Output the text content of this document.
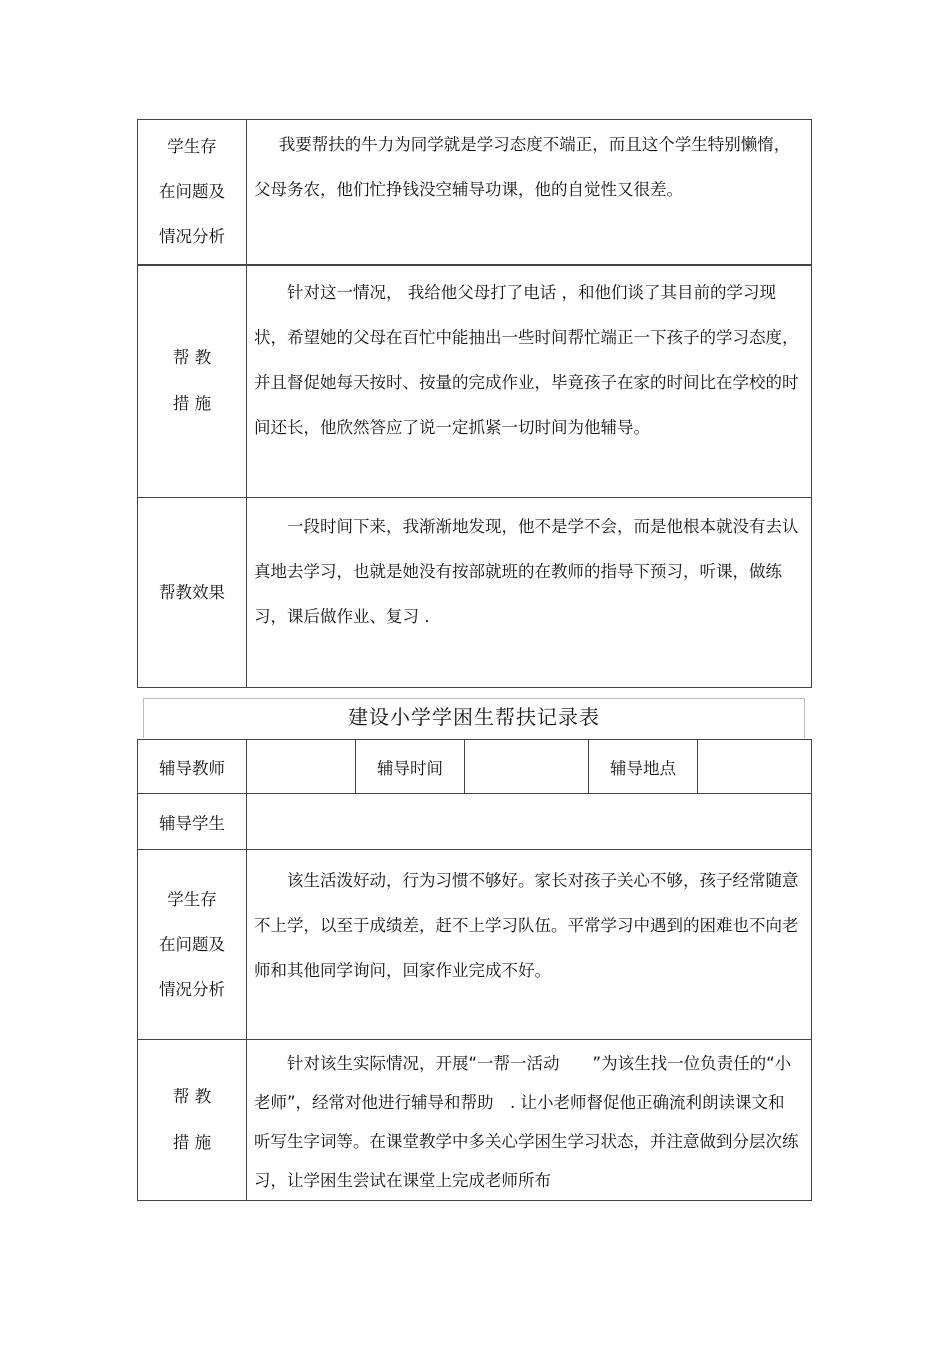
学生存
在问题及
情况分析	我要帮扶的牛力为同学就是学习态度不端正，而且这个学生特别懒惰，父母务农，他们忙挣钱没空辅导功课，他的自觉性又很差。

帮 教
措 施	针对这一情况， 我给他父母打了电话 ，和他们谈了其目前的学习现状，希望她的父母在百忙中能抽出一些时间帮忙端正一下孩子的学习态度，并且督促她每天按时、按量的完成作业，毕竟孩子在家的时间比在学校的时间还长，他欣然答应了说一定抓紧一切时间为他辅导。

帮教效果	一段时间下来，我渐渐地发现，他不是学不会，而是他根本就没有去认真地去学习，也就是她没有按部就班的在教师的指导下预习，听课，做练习，课后做作业、复习 .
建设小学学困生帮扶记录表
辅导教师		辅导时间		辅导地点	
辅导学生					

学生存
在问题及
情况分析	该生活泼好动，行为习惯不够好。家长对孩子关心不够，孩子经常随意不上学，以至于成绩差，赶不上学习队伍。平常学习中遇到的困难也不向老师和其他同学询问，回家作业完成不好。				

帮 教
措 施	针对该生实际情况，开展“一帮一活动　　”为该生找一位负责任的“小老师”，经常对他进行辅导和帮助　. 让小老师督促他正确流利朗读课文和听写生字词等。在课堂教学中多关心学困生学习状态，并注意做到分层次练习，让学困生尝试在课堂上完成老师所布				
